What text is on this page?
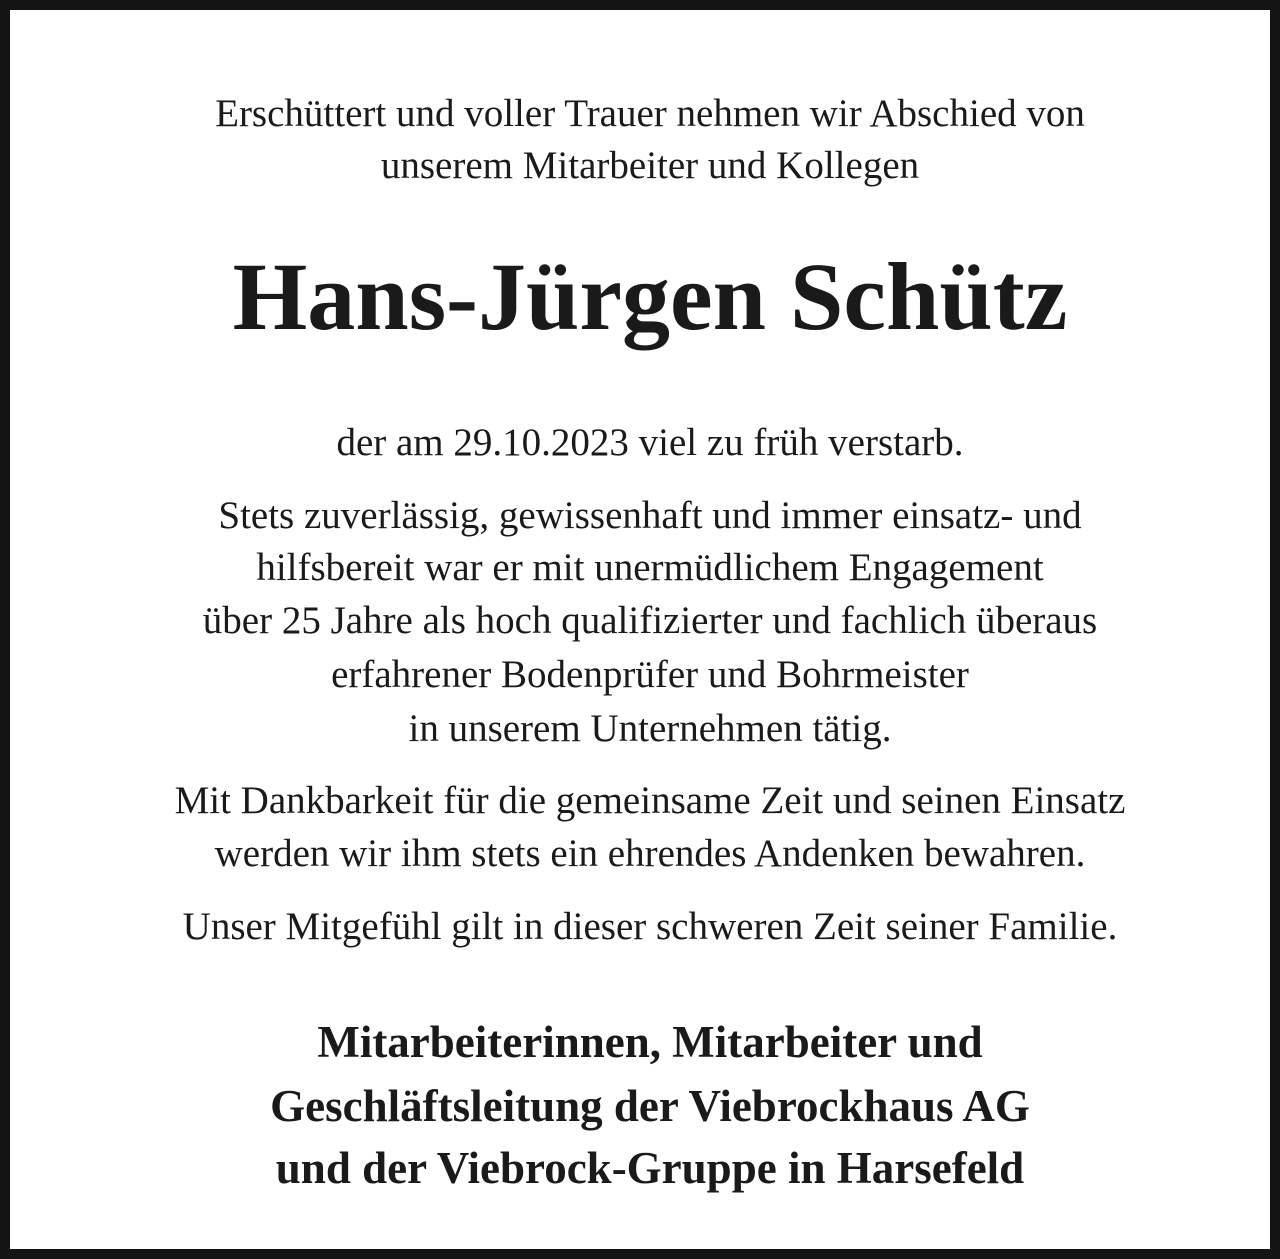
Erschüttert und voller Trauer nehmen wir Abschied von
unserem Mitarbeiter und Kollegen
Hans-Jürgen Schütz
der am 29.10.2023 viel zu früh verstarb.
Stets zuverlässig, gewissenhaft und immer einsatz- und
hilfsbereit war er mit unermüdlichem Engagement
über 25 Jahre als hoch qualifizierter und fachlich überaus
erfahrener Bodenprüfer und Bohrmeister
in unserem Unternehmen tätig.
Mit Dankbarkeit für die gemeinsame Zeit und seinen Einsatz
werden wir ihm stets ein ehrendes Andenken bewahren.
Unser Mitgefühl gilt in dieser schweren Zeit seiner Familie.
Mitarbeiterinnen, Mitarbeiter und
Geschläftsleitung der Viebrockhaus AG
und der Viebrock-Gruppe in Harsefeld
